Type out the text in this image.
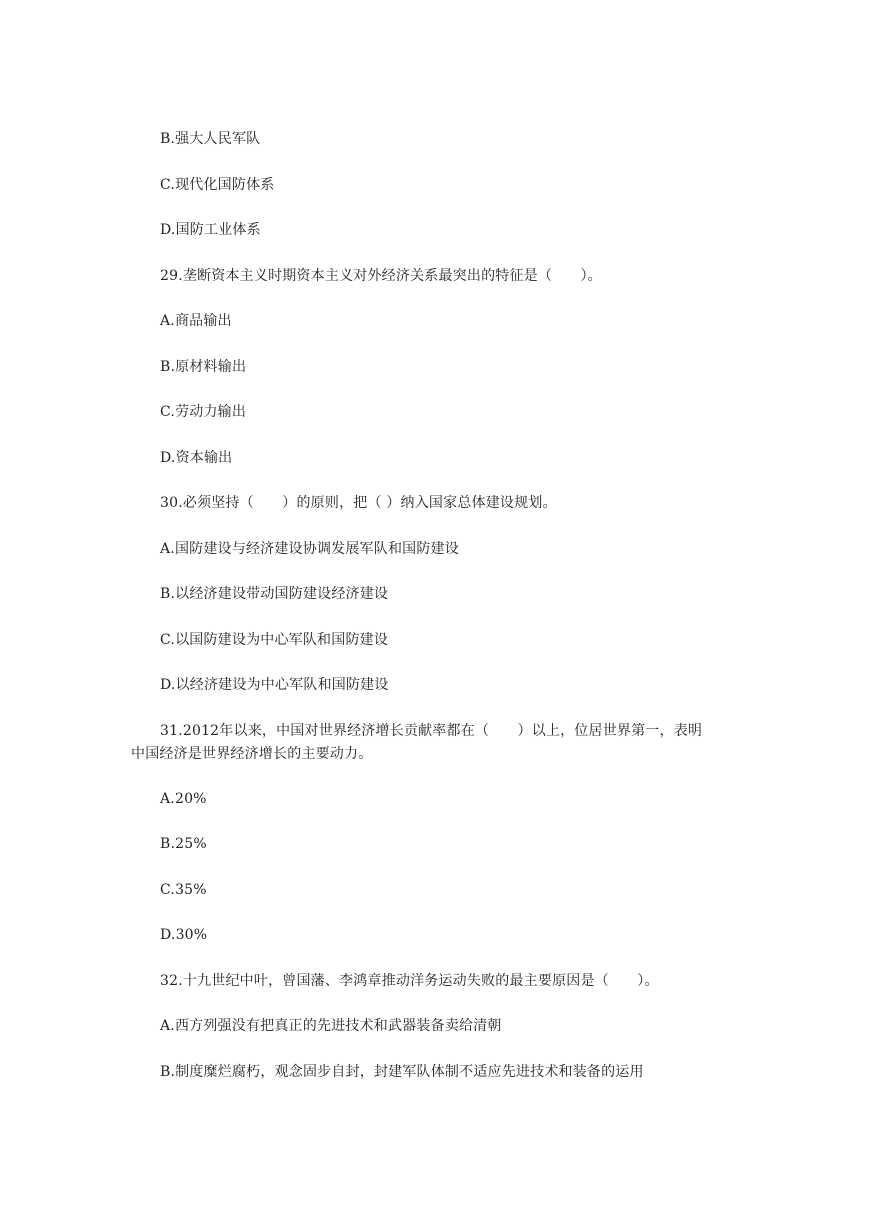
B.强大人民军队
C.现代化国防体系
D.国防工业体系
29.垄断资本主义时期资本主义对外经济关系最突出的特征是（　　）。
A.商品输出
B.原材料输出
C.劳动力输出
D.资本输出
30.必须坚持（　　）的原则，把（ ）纳入国家总体建设规划。
A.国防建设与经济建设协调发展军队和国防建设
B.以经济建设带动国防建设经济建设
C.以国防建设为中心军队和国防建设
D.以经济建设为中心军队和国防建设
31.2012年以来，中国对世界经济增长贡献率都在（　　）以上，位居世界第一，表明
中国经济是世界经济增长的主要动力。
A.20%
B.25%
C.35%
D.30%
32.十九世纪中叶，曾国藩、李鸿章推动洋务运动失败的最主要原因是（　　）。
A.西方列强没有把真正的先进技术和武器装备卖给清朝
B.制度糜烂腐朽，观念固步自封，封建军队体制不适应先进技术和装备的运用
